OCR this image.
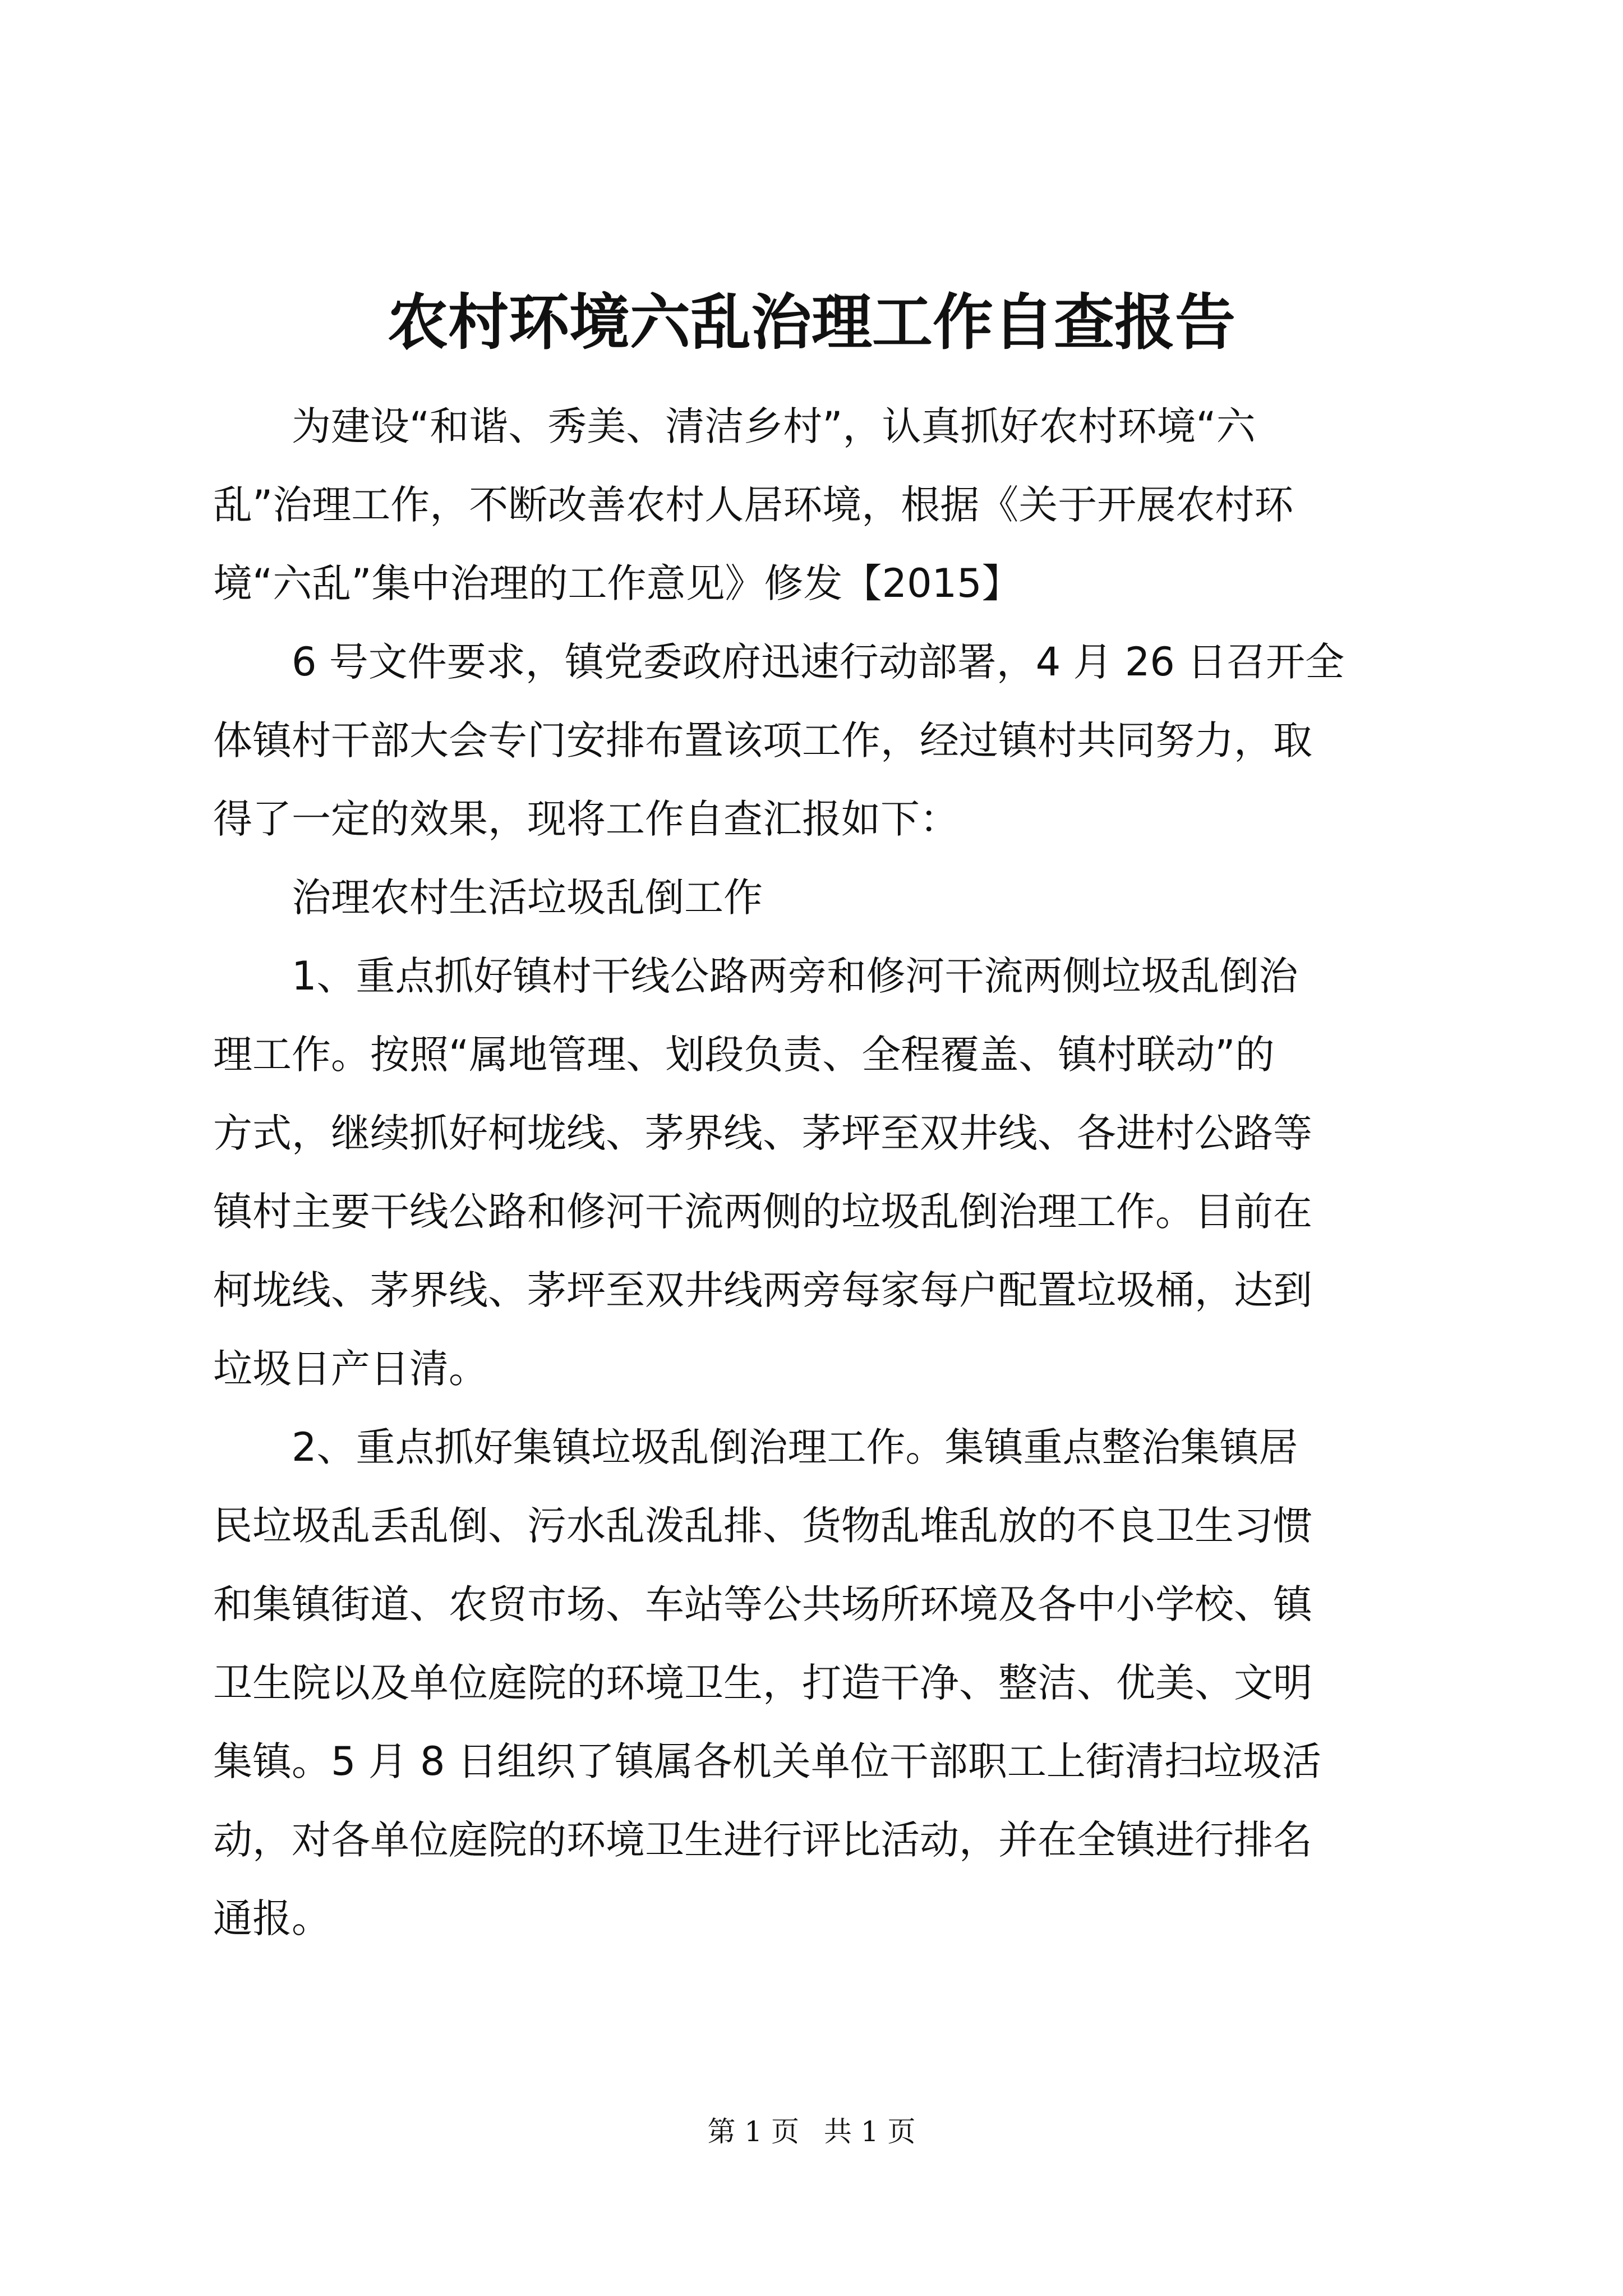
农村环境六乱治理工作自查报告

为建设“和谐、秀美、清洁乡村”，认真抓好农村环境“六
乱”治理工作，不断改善农村人居环境，根据《关于开展农村环
境“六乱”集中治理的工作意见》修发【2015】

6 号文件要求，镇党委政府迅速行动部署，4 月 26 日召开全
体镇村干部大会专门安排布置该项工作，经过镇村共同努力，取
得了一定的效果，现将工作自查汇报如下：

治理农村生活垃圾乱倒工作

1、重点抓好镇村干线公路两旁和修河干流两侧垃圾乱倒治
理工作。按照“属地管理、划段负责、全程覆盖、镇村联动”的
方式，继续抓好柯垅线、茅界线、茅坪至双井线、各进村公路等
镇村主要干线公路和修河干流两侧的垃圾乱倒治理工作。目前在
柯垅线、茅界线、茅坪至双井线两旁每家每户配置垃圾桶，达到
垃圾日产日清。

2、重点抓好集镇垃圾乱倒治理工作。集镇重点整治集镇居
民垃圾乱丢乱倒、污水乱泼乱排、货物乱堆乱放的不良卫生习惯
和集镇街道、农贸市场、车站等公共场所环境及各中小学校、镇
卫生院以及单位庭院的环境卫生，打造干净、整洁、优美、文明
集镇。5 月 8 日组织了镇属各机关单位干部职工上街清扫垃圾活
动，对各单位庭院的环境卫生进行评比活动，并在全镇进行排名
通报。

第 1 页 共 1 页
